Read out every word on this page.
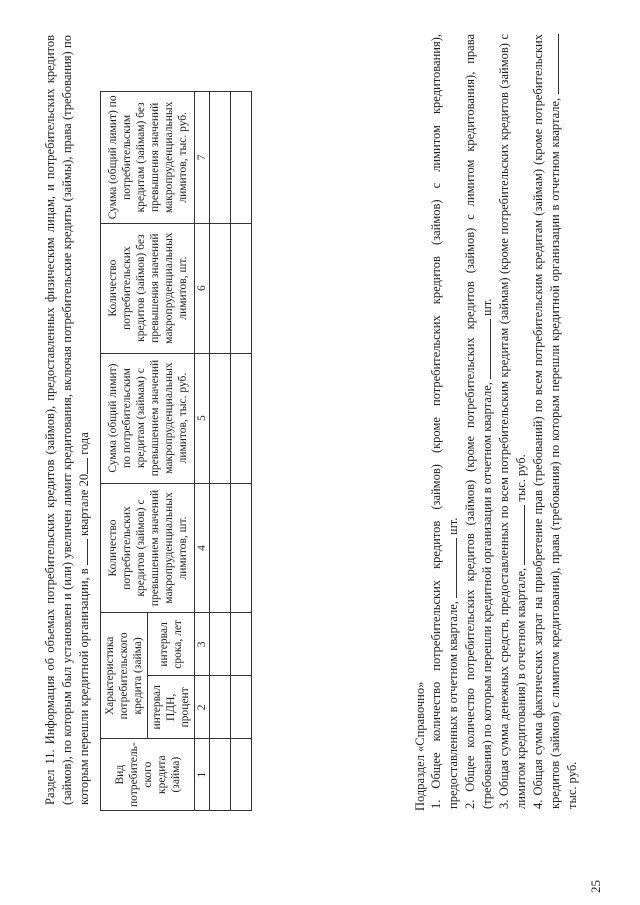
Раздел 11. Информация об объемах потребительских кредитов (займов), предоставленных физическим лицам, и потребительских кредитов (займов), по которым был установлен и (или) увеличен лимит кредитования, включая потребительские кредиты (займы), права (требования) по которым перешли кредитной организации, в  квартале 20 года
Вид потребитель-ского кредита (займа)	Характеристика потребительского кредита (займа)		Количество потребительских кредитов (займов) с превышением значений макропруденциальных лимитов, шт.	Сумма (общий лимит) по потребительским кредитам (займам) с превышением значений макропруденциальных лимитов, тыс. руб.	Количество потребительских кредитов (займов) без превышения значений макропруденциальных лимитов, шт.	Сумма (общий лимит) по потребительским кредитам (займам) без превышения значений макропруденциальных лимитов, тыс. руб.
	интервал ПДН, процент	интервал срока, лет				
1	2	3	4	5	6	7

Подраздел «Справочно» 1. Общее количество потребительских кредитов (займов) (кроме потребительских кредитов (займов) с лимитом кредитования), предоставленных в отчетном квартале,  шт. 2. Общее количество потребительских кредитов (займов) (кроме потребительских кредитов (займов) с лимитом кредитования), права (требования) по которым перешли кредитной организации в отчетном квартале,  шт. 3. Общая сумма денежных средств, предоставленных по всем потребительским кредитам (займам) (кроме потребительских кредитов (займов) с лимитом кредитования) в отчетном квартале,  тыс. руб. 4. Общая сумма фактических затрат на приобретение прав (требований) по всем потребительским кредитам (займам) (кроме потребительских кредитов (займов) с лимитом кредитования), права (требования) по которым перешли кредитной организации в отчетном квартале, тыс. руб.
25
